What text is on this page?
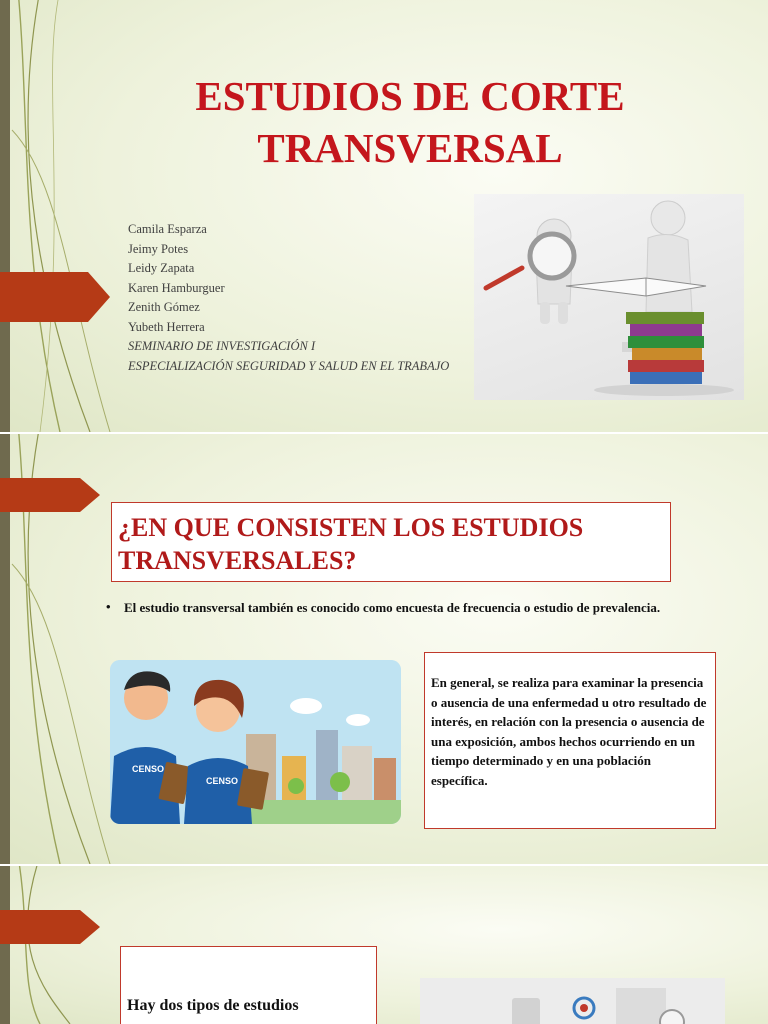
ESTUDIOS DE CORTE TRANSVERSAL
Camila Esparza
Jeimy Potes
Leidy Zapata
Karen Hamburguer
Zenith Gómez
Yubeth Herrera
SEMINARIO DE INVESTIGACIÓN I
ESPECIALIZACIÓN SEGURIDAD Y SALUD EN EL TRABAJO
¿EN QUE CONSISTEN LOS ESTUDIOS TRANSVERSALES?
• El estudio transversal también es conocido como encuesta de frecuencia o estudio de prevalencia.
CENSO
CENSO
En general, se realiza para examinar la presencia o ausencia de una enfermedad u otro resultado de interés, en relación con la presencia o ausencia de una exposición, ambos hechos ocurriendo en un tiempo determinado y en una población específica.
Hay dos tipos de estudios
